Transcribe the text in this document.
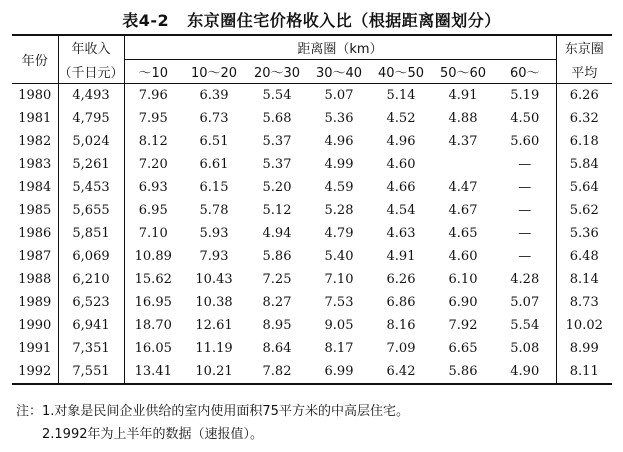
表4-2 东京圈住宅价格收入比（根据距离圈划分）
年份	年收入	距离圈（km）							东京圈
	（千日元）	～10	10～20	20～30	30～40	40～50	50～60	60～	平均
1980	4,493	7.96	6.39	5.54	5.07	5.14	4.91	5.19	6.26
1981	4,795	7.95	6.73	5.68	5.36	4.52	4.88	4.50	6.32
1982	5,024	8.12	6.51	5.37	4.96	4.96	4.37	5.60	6.18
1983	5,261	7.20	6.61	5.37	4.99	4.60		—	5.84
1984	5,453	6.93	6.15	5.20	4.59	4.66	4.47	—	5.64
1985	5,655	6.95	5.78	5.12	5.28	4.54	4.67	—	5.62
1986	5,851	7.10	5.93	4.94	4.79	4.63	4.65	—	5.36
1987	6,069	10.89	7.93	5.86	5.40	4.91	4.60	—	6.48
1988	6,210	15.62	10.43	7.25	7.10	6.26	6.10	4.28	8.14
1989	6,523	16.95	10.38	8.27	7.53	6.86	6.90	5.07	8.73
1990	6,941	18.70	12.61	8.95	9.05	8.16	7.92	5.54	10.02
1991	7,351	16.05	11.19	8.64	8.17	7.09	6.65	5.08	8.99
1992	7,551	13.41	10.21	7.82	6.99	6.42	5.86	4.90	8.11
注：1.对象是民间企业供给的室内使用面积75平方米的中高层住宅。
2.1992年为上半年的数据（速报值）。
